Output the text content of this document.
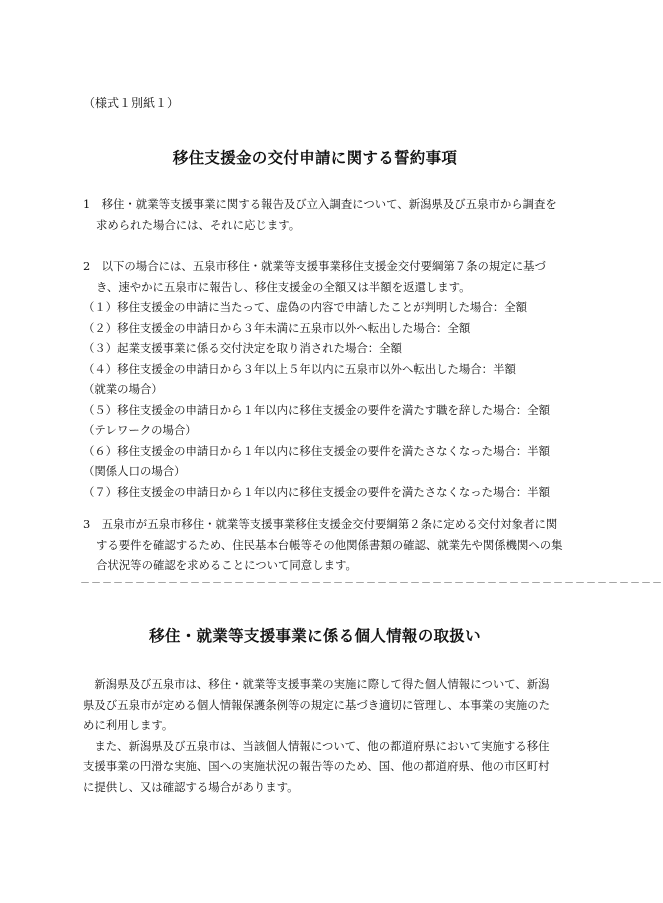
（様式１別紙１）
移住支援金の交付申請に関する誓約事項

1　移住・就業等支援事業に関する報告及び立入調査について、新潟県及び五泉市から調査を求められた場合には、それに応じます。

2　以下の場合には、五泉市移住・就業等支援事業移住支援金交付要綱第７条の規定に基づき、速やかに五泉市に報告し、移住支援金の全額又は半額を返還します。

（１）移住支援金の申請に当たって、虚偽の内容で申請したことが判明した場合：全額

（２）移住支援金の申請日から３年未満に五泉市以外へ転出した場合：全額

（３）起業支援事業に係る交付決定を取り消された場合：全額

（４）移住支援金の申請日から３年以上５年以内に五泉市以外へ転出した場合：半額

（就業の場合）

（５）移住支援金の申請日から１年以内に移住支援金の要件を満たす職を辞した場合：全額

（テレワークの場合）

（６）移住支援金の申請日から１年以内に移住支援金の要件を満たさなくなった場合：半額

（関係人口の場合）

（７）移住支援金の申請日から１年以内に移住支援金の要件を満たさなくなった場合：半額

3　五泉市が五泉市移住・就業等支援事業移住支援金交付要綱第２条に定める交付対象者に関する要件を確認するため、住民基本台帳等その他関係書類の確認、就業先や関係機関への集合状況等の確認を求めることについて同意します。

－－－－－－－－－－－－－－－－－－－－－－－－－－－－－－－－－－－－－－－－－－－－－－－－－－－－－
移住・就業等支援事業に係る個人情報の取扱い

新潟県及び五泉市は、移住・就業等支援事業の実施に際して得た個人情報について、新潟県及び五泉市が定める個人情報保護条例等の規定に基づき適切に管理し、本事業の実施のために利用します。

また、新潟県及び五泉市は、当該個人情報について、他の都道府県において実施する移住支援事業の円滑な実施、国への実施状況の報告等のため、国、他の都道府県、他の市区町村に提供し、又は確認する場合があります。
